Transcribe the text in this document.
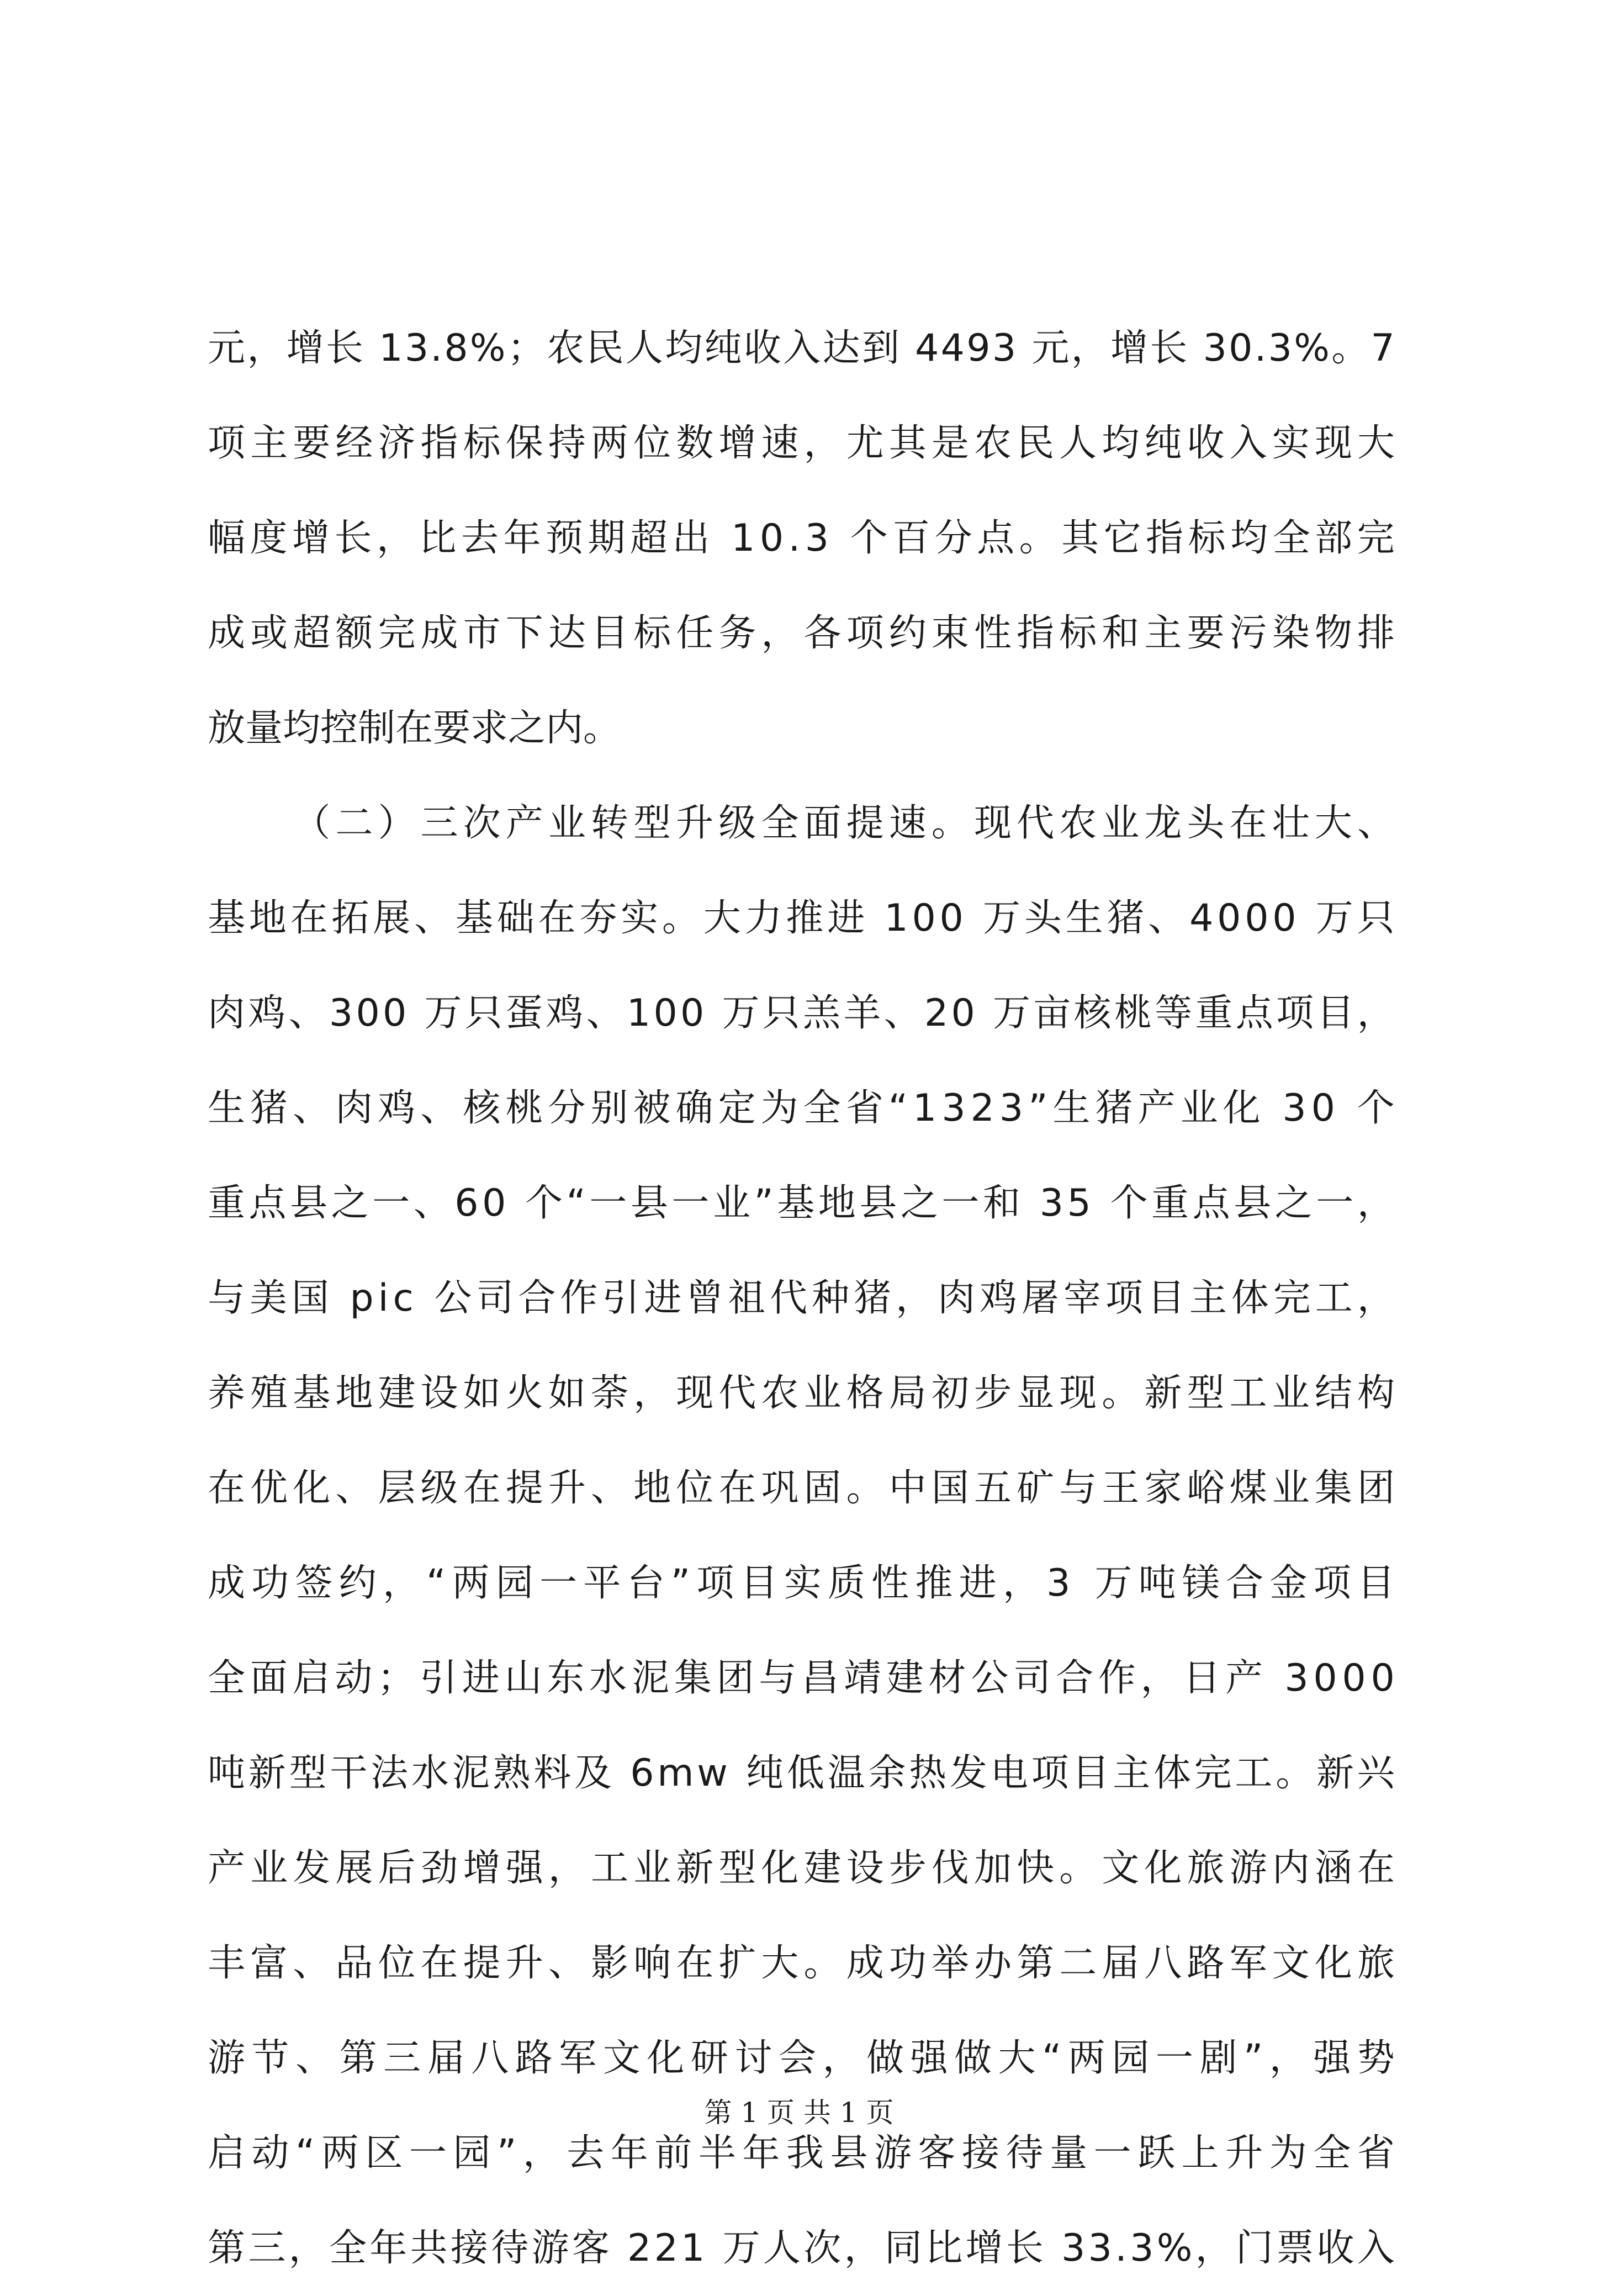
元 ， 增 长
1 3 . 8 % ； 农 民 人 均 纯 收 入 达 到
4 4 9 3
元 ， 增 长
3 0 . 3 % 。 7
项 主 要 经 济 指 标 保 持 两 位 数 增 速 ， 尤 其 是 农 民 人 均 纯 收 入 实 现 大
幅 度 增 长 ， 比 去 年 预 期 超 出
1 0 . 3
个 百 分 点 。 其 它 指 标 均 全 部 完
成 或 超 额 完 成 市 下 达 目 标 任 务 ， 各 项 约 束 性 指 标 和 主 要 污 染 物 排
放量均控制在要求之内。

（ 二 ） 三 次 产 业 转 型 升 级 全 面 提 速 。 现 代 农 业 龙 头 在 壮 大 、
基 地 在 拓 展 、 基 础 在 夯 实 。 大 力 推 进
1 0 0
万 头 生 猪 、 4 0 0 0
万 只
肉 鸡 、 3 0 0
万 只 蛋 鸡 、 1 0 0
万 只 羔 羊 、 2 0
万 亩 核 桃 等 重 点 项 目 ，
生 猪 、 肉 鸡 、 核 桃 分 别 被 确 定 为 全 省 “ 1 3 2 3 ” 生 猪 产 业 化
3 0
个
重 点 县 之 一 、 6 0
个 “ 一 县 一 业 ” 基 地 县 之 一 和
3 5
个 重 点 县 之 一 ，
与 美 国
p i c
公 司 合 作 引 进 曾 祖 代 种 猪 ， 肉 鸡 屠 宰 项 目 主 体 完 工 ，
养 殖 基 地 建 设 如 火 如 荼 ， 现 代 农 业 格 局 初 步 显 现 。 新 型 工 业 结 构
在 优 化 、 层 级 在 提 升 、 地 位 在 巩 固 。 中 国 五 矿 与 王 家 峪 煤 业 集 团
成 功 签 约 ， “ 两 园 一 平 台 ” 项 目 实 质 性 推 进 ， 3
万 吨 镁 合 金 项 目
全 面 启 动 ； 引 进 山 东 水 泥 集 团 与 昌 靖 建 材 公 司 合 作 ， 日 产
3 0 0 0
吨 新 型 干 法 水 泥 熟 料 及
6 m w
纯 低 温 余 热 发 电 项 目 主 体 完 工 。 新 兴
产 业 发 展 后 劲 增 强 ， 工 业 新 型 化 建 设 步 伐 加 快 。 文 化 旅 游 内 涵 在
丰 富 、 品 位 在 提 升 、 影 响 在 扩 大 。 成 功 举 办 第 二 届 八 路 军 文 化 旅
游 节 、 第 三 届 八 路 军 文 化 研 讨 会 ， 做 强 做 大 “ 两 园 一 剧 ” ， 强 势
启 动 “ 两 区 一 园 ” ， 去 年 前 半 年 我 县 游 客 接 待 量 一 跃 上 升 为 全 省
第 三 ， 全 年 共 接 待 游 客
2 2 1
万 人 次 ， 同 比 增 长
3 3 . 3 % ， 门 票 收 入
第 1 页 共 1 页
